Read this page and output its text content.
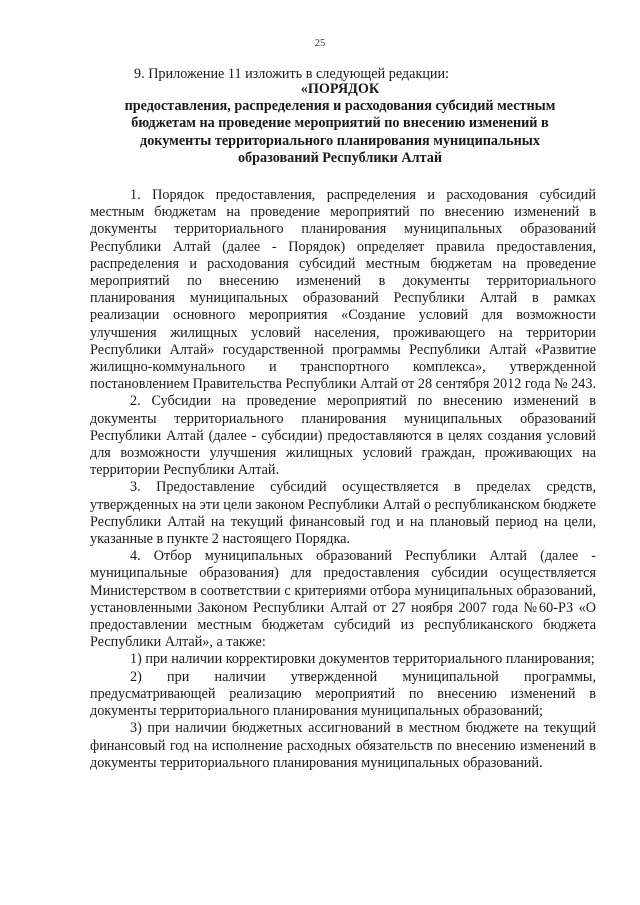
25

9. Приложение 11 изложить в следующей редакции:

«ПОРЯДОК
предоставления, распределения и расходования субсидий местным
бюджетам на проведение мероприятий по внесению изменений в
документы территориального планирования муниципальных
образований Республики Алтай

1. Порядок предоставления, распределения и расходования субсидий местным бюджетам на проведение мероприятий по внесению изменений в документы территориального планирования муниципальных образований Республики Алтай (далее - Порядок) определяет правила предоставления, распределения и расходования субсидий местным бюджетам на проведение мероприятий по внесению изменений в документы территориального планирования муниципальных образований Республики Алтай в рамках реализации основного мероприятия «Создание условий для возможности улучшения жилищных условий населения, проживающего на территории Республики Алтай» государственной программы Республики Алтай «Развитие жилищно-коммунального и транспортного комплекса», утвержденной постановлением Правительства Республики Алтай от 28 сентября 2012 года № 243.

2. Субсидии на проведение мероприятий по внесению изменений в документы территориального планирования муниципальных образований Республики Алтай (далее - субсидии) предоставляются в целях создания условий для возможности улучшения жилищных условий граждан, проживающих на территории Республики Алтай.

3. Предоставление субсидий осуществляется в пределах средств, утвержденных на эти цели законом Республики Алтай о республиканском бюджете Республики Алтай на текущий финансовый год и на плановый период на цели, указанные в пункте 2 настоящего Порядка.

4. Отбор муниципальных образований Республики Алтай (далее - муниципальные образования) для предоставления субсидии осуществляется Министерством в соответствии с критериями отбора муниципальных образований, установленными Законом Республики Алтай от 27 ноября 2007 года №60-РЗ «О предоставлении местным бюджетам субсидий из республиканского бюджета Республики Алтай», а также:

1) при наличии корректировки документов территориального планирования;

2) при наличии утвержденной муниципальной программы, предусматривающей реализацию мероприятий по внесению изменений в документы территориального планирования муниципальных образований;

3) при наличии бюджетных ассигнований в местном бюджете на текущий финансовый год на исполнение расходных обязательств по внесению изменений в документы территориального планирования муниципальных образований.
